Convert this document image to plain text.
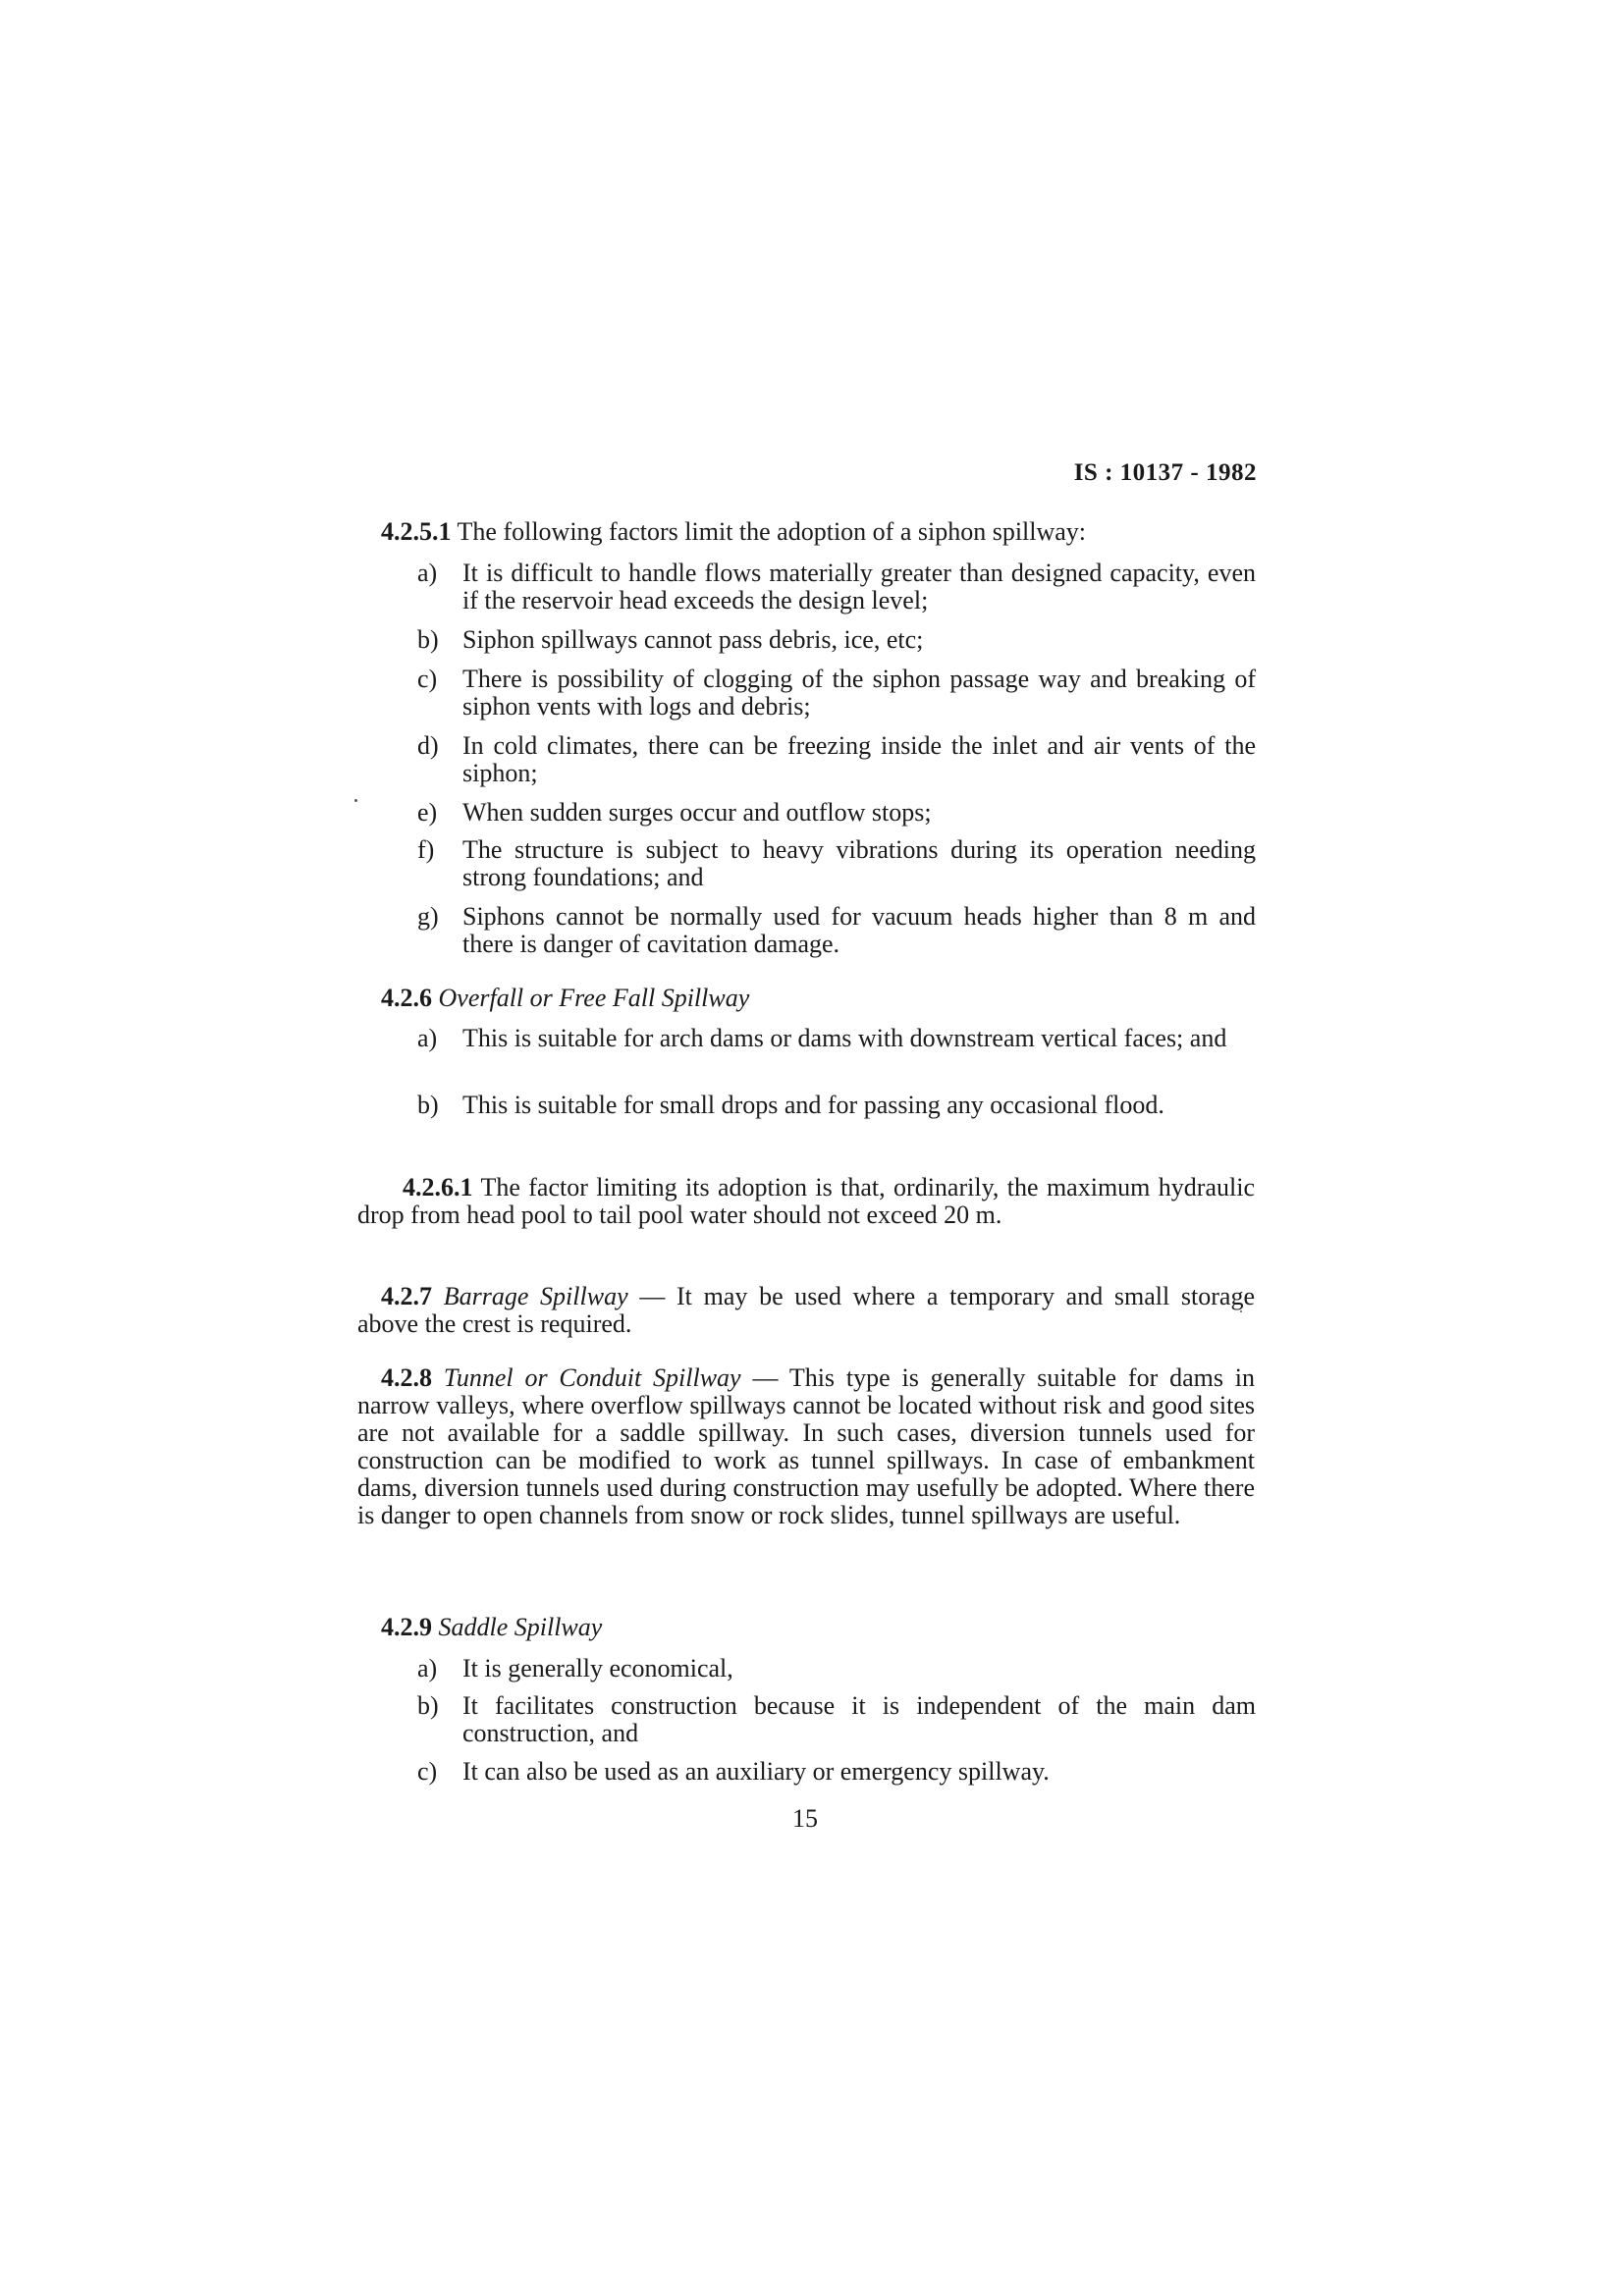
IS : 10137 - 1982
4.2.5.1 The following factors limit the adoption of a siphon spillway:
a) It is difficult to handle flows materially greater than designed capacity, even if the reservoir head exceeds the design level;
b) Siphon spillways cannot pass debris, ice, etc;
c) There is possibility of clogging of the siphon passage way and breaking of siphon vents with logs and debris;
d) In cold climates, there can be freezing inside the inlet and air vents of the siphon;
e) When sudden surges occur and outflow stops;
f)	The structure is subject to heavy vibrations during its operation needing strong foundations; and
g) Siphons cannot be normally used for vacuum heads higher than 8 m and there is danger of cavitation damage.
4.2.6 Overfall or Free Fall Spillway
a) This is suitable for arch dams or dams with downstream vertical faces; and
b) This is suitable for small drops and for passing any occasional flood.
4.2.6.1 The factor limiting its adoption is that, ordinarily, the maximum hydraulic drop from head pool to tail pool water should not exceed 20 m.
4.2.7 Barrage Spillway — It may be used where a temporary and small storage above the crest is required.
4.2.8 Tunnel or Conduit Spillway — This type is generally suitable for dams in narrow valleys, where overflow spillways cannot be located without risk and good sites are not available for a saddle spillway. In such cases, diversion tunnels used for construction can be modified to work as tunnel spillways. In case of embankment dams, diversion tunnels used during construction may usefully be adopted. Where there is danger to open channels from snow or rock slides, tunnel spillways are useful.
4.2.9 Saddle Spillway
a) It is generally economical,
b) It facilitates construction because it is independent of the main dam construction, and
c) It can also be used as an auxiliary or emergency spillway.
15
